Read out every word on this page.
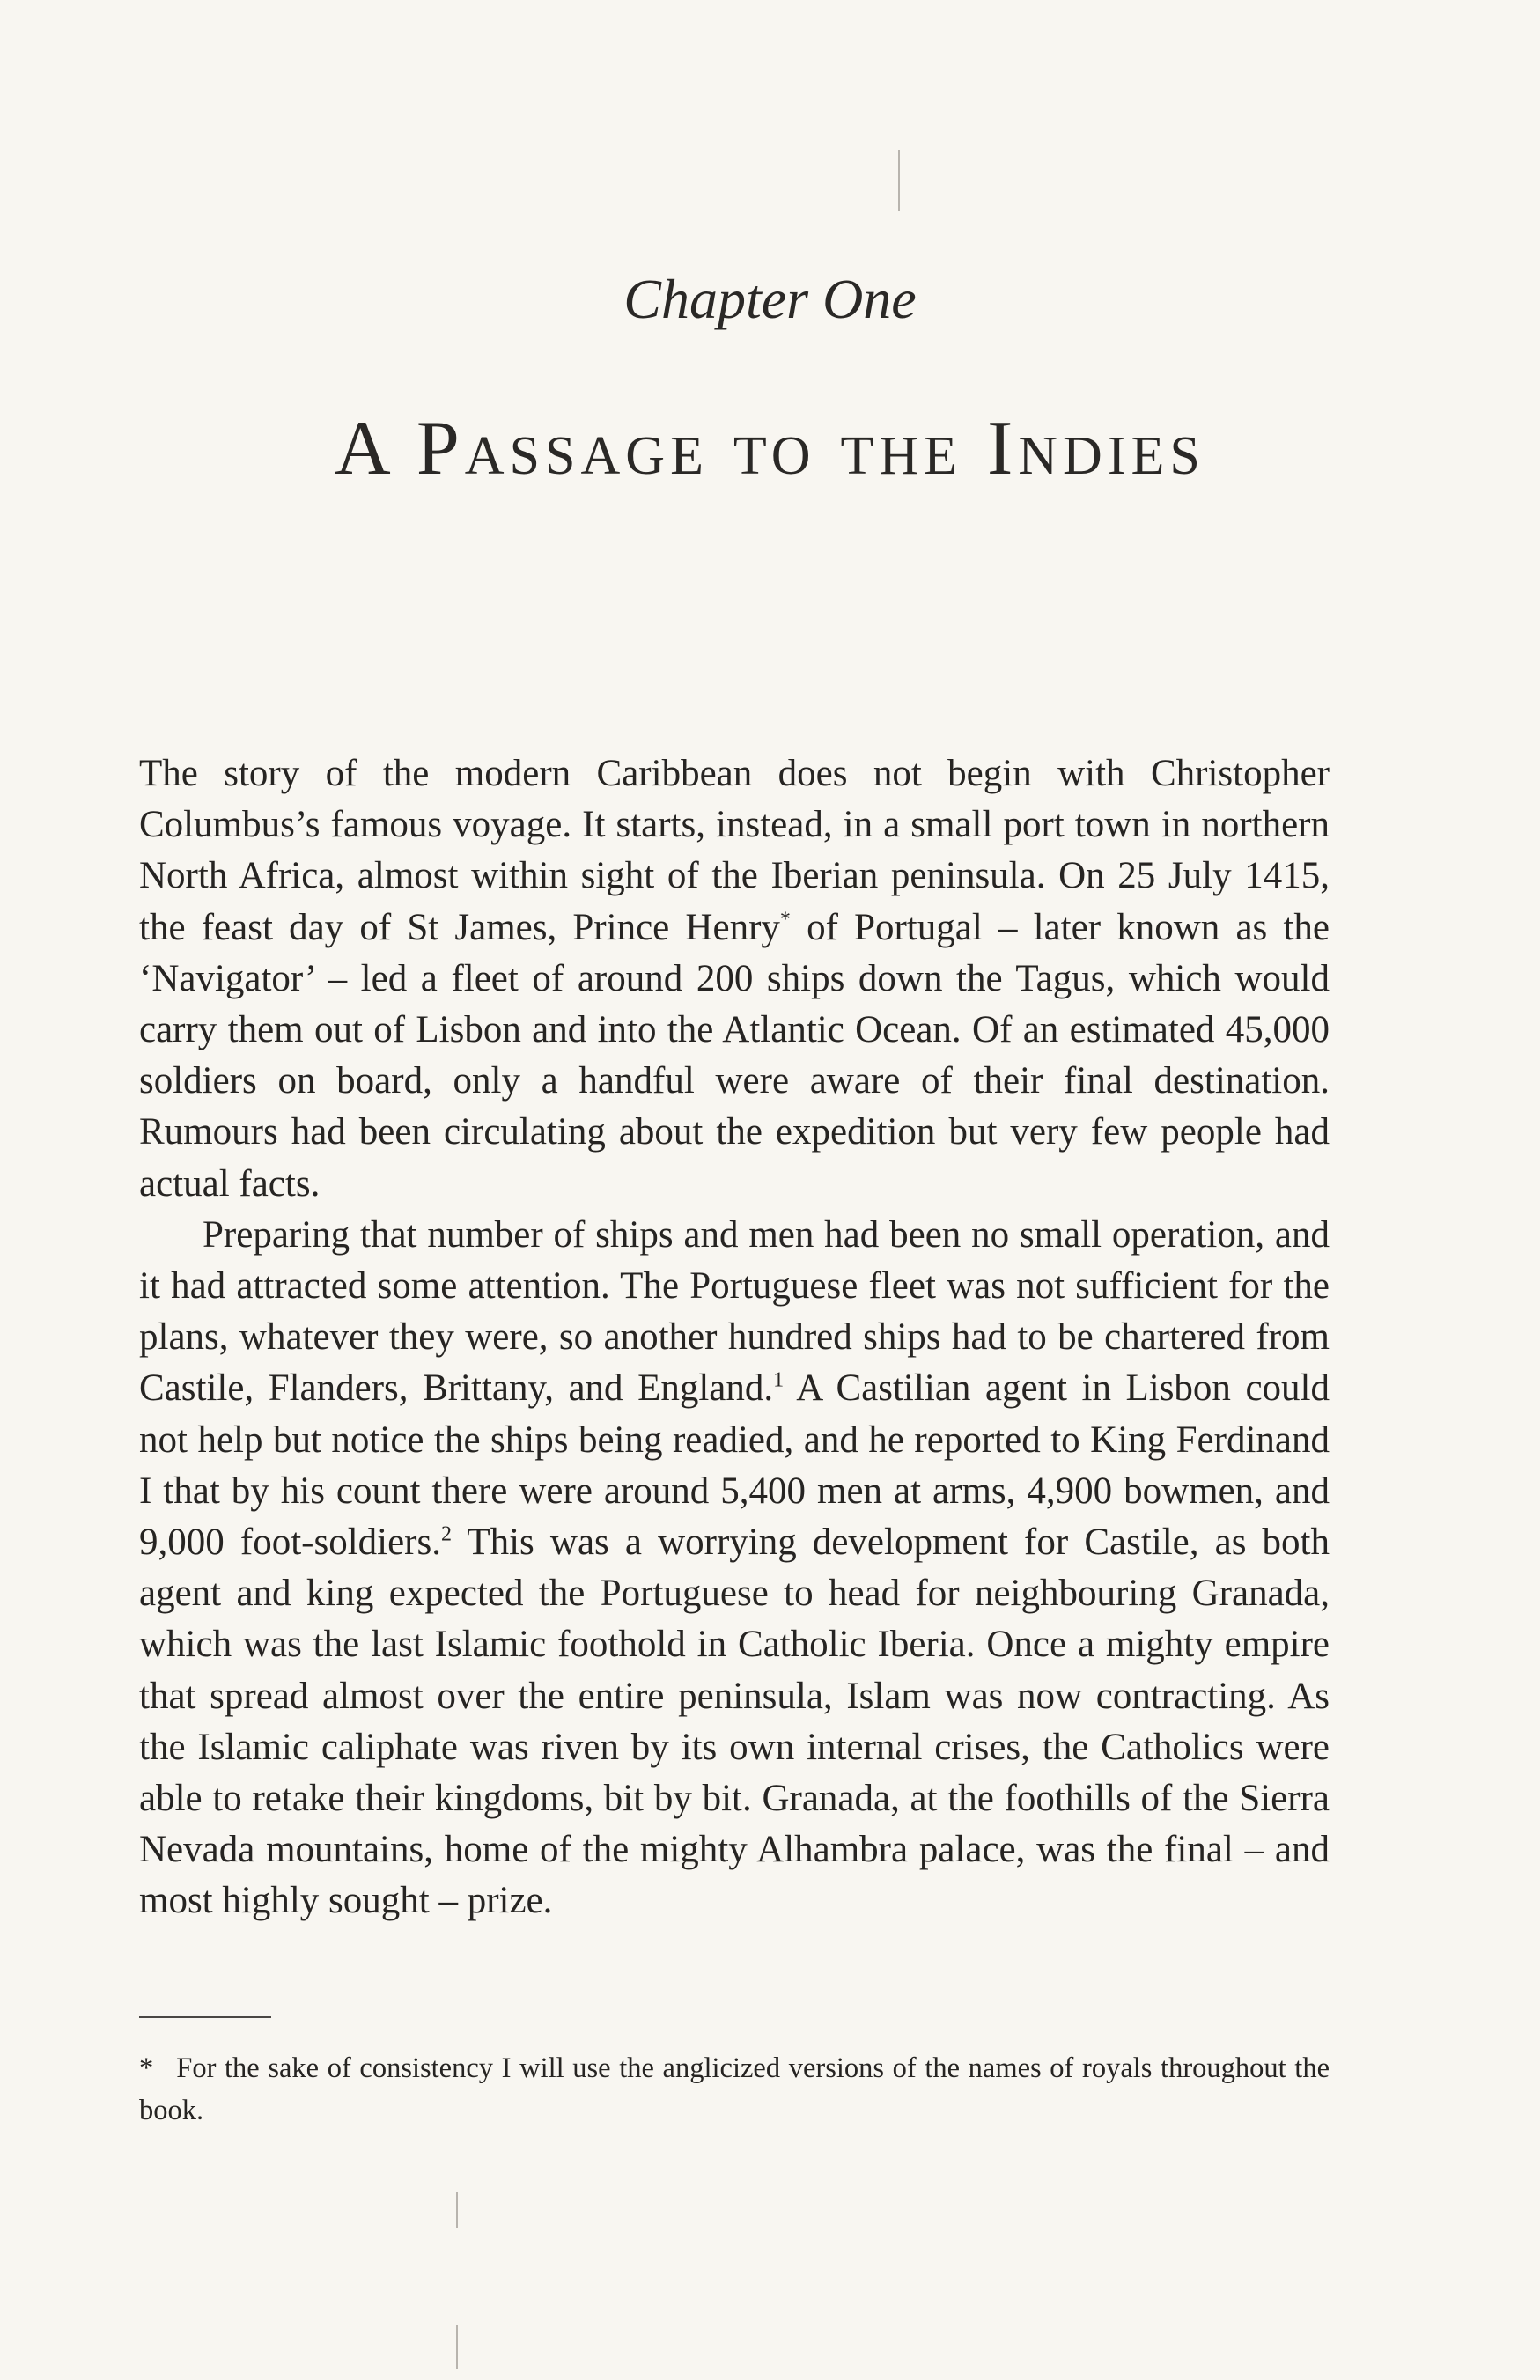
Chapter One
A Passage to the Indies

The story of the modern Caribbean does not begin with Christopher Columbus’s famous voyage. It starts, instead, in a small port town in northern North Africa, almost within sight of the Iberian peninsula. On 25 July 1415, the feast day of St James, Prince Henry* of Portugal – later known as the ‘Navigator’ – led a fleet of around 200 ships down the Tagus, which would carry them out of Lisbon and into the Atlantic Ocean. Of an estimated 45,000 soldiers on board, only a handful were aware of their final destination. Rumours had been circulating about the expedition but very few people had actual facts.

Preparing that number of ships and men had been no small operation, and it had attracted some attention. The Portuguese fleet was not sufficient for the plans, whatever they were, so another hundred ships had to be chartered from Castile, Flanders, Brittany, and England.$^1$ A Castilian agent in Lisbon could not help but notice the ships being readied, and he reported to King Ferdinand I that by his count there were around 5,400 men at arms, 4,900 bowmen, and 9,000 foot-soldiers.$^2$ This was a worrying development for Castile, as both agent and king expected the Portuguese to head for neighbouring Granada, which was the last Islamic foothold in Catholic Iberia. Once a mighty empire that spread almost over the entire peninsula, Islam was now contracting. As the Islamic caliphate was riven by its own internal crises, the Catholics were able to retake their kingdoms, bit by bit. Granada, at the foothills of the Sierra Nevada mountains, home of the mighty Alhambra palace, was the final – and most highly sought – prize.

* For the sake of consistency I will use the anglicized versions of the names of royals throughout the book.
